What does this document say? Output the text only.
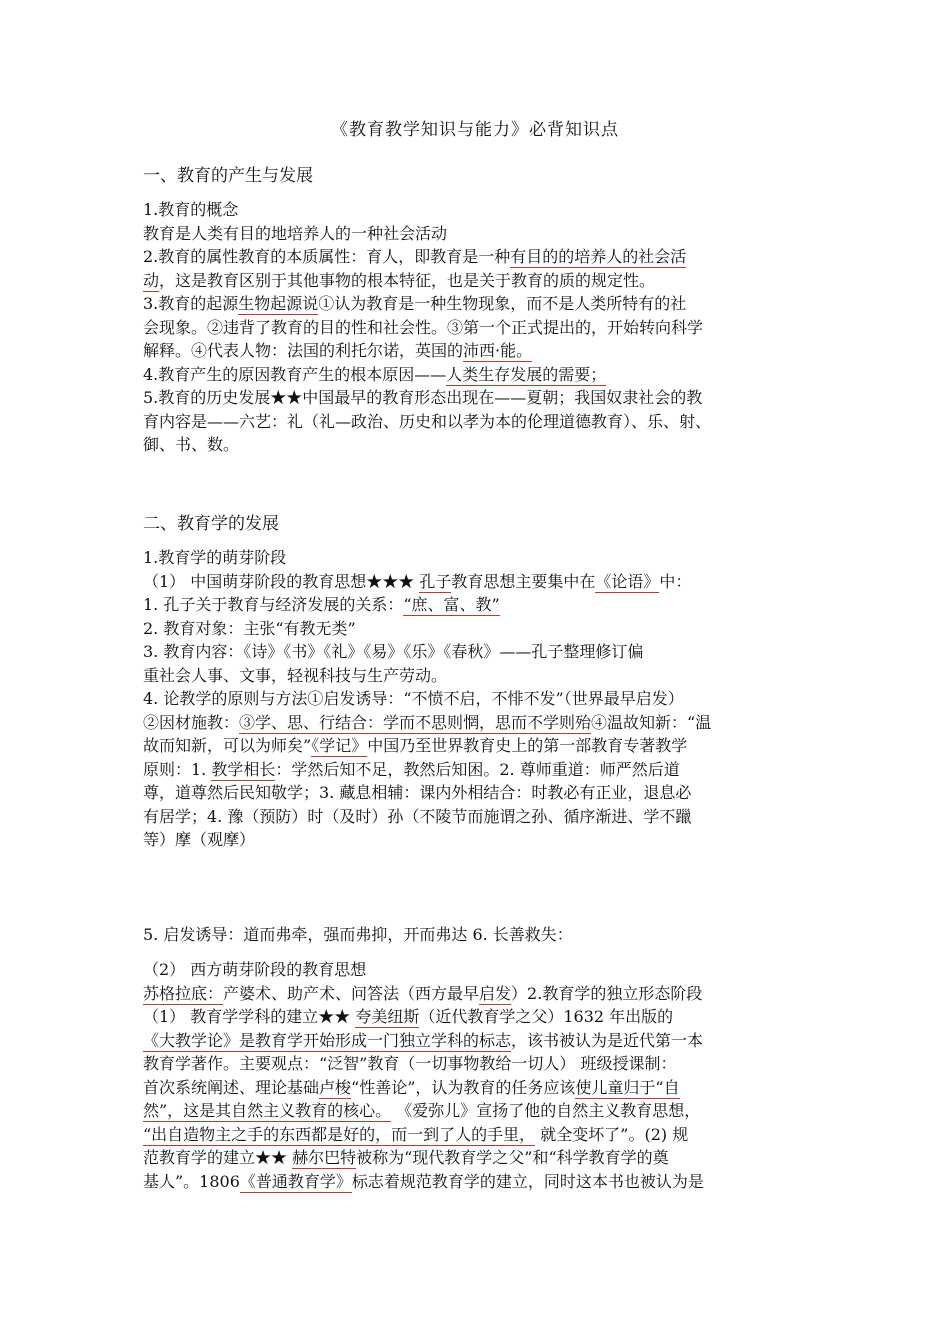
《教育教学知识与能力》必背知识点
一、教育的产生与发展
1.教育的概念
教育是人类有目的地培养人的一种社会活动
2.教育的属性教育的本质属性：育人，即教育是一种有目的的培养人的社会活
动，这是教育区别于其他事物的根本特征，也是关于教育的质的规定性。
3.教育的起源生物起源说①认为教育是一种生物现象，而不是人类所特有的社
会现象。②违背了教育的目的性和社会性。③第一个正式提出的，开始转向科学
解释。④代表人物：法国的利托尔诺，英国的沛西·能。
4.教育产生的原因教育产生的根本原因——人类生存发展的需要；
5.教育的历史发展★★中国最早的教育形态出现在——夏朝；我国奴隶社会的教
育内容是——六艺：礼（礼—政治、历史和以孝为本的伦理道德教育）、乐、射、
御、书、数。
二、教育学的发展
1.教育学的萌芽阶段
（1） 中国萌芽阶段的教育思想★★★ 孔子教育思想主要集中在《论语》中：
1. 孔子关于教育与经济发展的关系：“庶、富、教”
2. 教育对象：主张“有教无类”
3. 教育内容：《诗》《书》《礼》《易》《乐》《春秋》——孔子整理修订偏
重社会人事、文事，轻视科技与生产劳动。
4. 论教学的原则与方法①启发诱导：“不愤不启，不悱不发”（世界最早启发）
②因材施教：③学、思、行结合：学而不思则惘，思而不学则殆④温故知新：“温
故而知新，可以为师矣”《学记》中国乃至世界教育史上的第一部教育专著教学
原则：1. 教学相长：学然后知不足，教然后知困。2. 尊师重道：师严然后道
尊，道尊然后民知敬学；3. 藏息相辅：课内外相结合：时教必有正业，退息必
有居学；4. 豫（预防）时（及时）孙（不陵节而施谓之孙、循序渐进、学不躐
等）摩（观摩）
5. 启发诱导：道而弗牵，强而弗抑，开而弗达 6. 长善救失：
（2） 西方萌芽阶段的教育思想
苏格拉底：产婆术、助产术、问答法（西方最早启发）2.教育学的独立形态阶段
（1） 教育学学科的建立★★ 夸美纽斯（近代教育学之父）1632 年出版的
《大教学论》是教育学开始形成一门独立学科的标志，该书被认为是近代第一本
教育学著作。主要观点：“泛智”教育（一切事物教给一切人） 班级授课制：
首次系统阐述、理论基础卢梭“性善论”，认为教育的任务应该使儿童归于“自
然”，这是其自然主义教育的核心。 《爱弥儿》宣扬了他的自然主义教育思想，
“出自造物主之手的东西都是好的，而一到了人的手里， 就全变坏了”。(2) 规
范教育学的建立★★ 赫尔巴特被称为“现代教育学之父”和“科学教育学的奠
基人”。1806《普通教育学》标志着规范教育学的建立，同时这本书也被认为是
